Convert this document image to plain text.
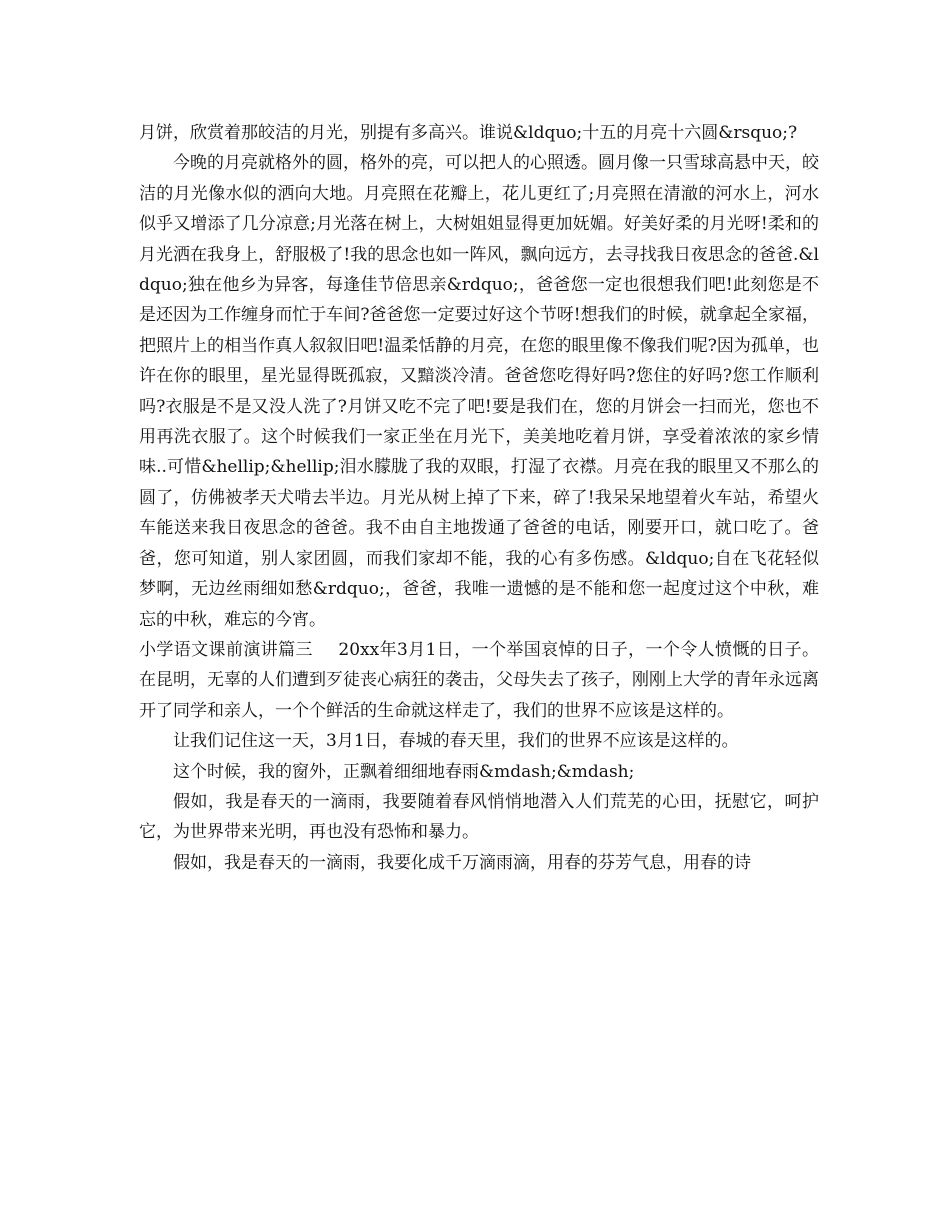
月饼，欣赏着那皎洁的月光，别提有多高兴。谁说&ldquo;十五的月亮十六圆&rsquo;?

今晚的月亮就格外的圆，格外的亮，可以把人的心照透。圆月像一只雪球高悬中天，皎洁的月光像水似的洒向大地。月亮照在花瓣上，花儿更红了;月亮照在清澈的河水上，河水似乎又增添了几分凉意;月光落在树上，大树姐姐显得更加妩媚。好美好柔的月光呀!柔和的月光洒在我身上，舒服极了!我的思念也如一阵风，飘向远方，去寻找我日夜思念的爸爸.&ldquo;独在他乡为异客，每逢佳节倍思亲&rdquo;，爸爸您一定也很想我们吧!此刻您是不是还因为工作缠身而忙于车间?爸爸您一定要过好这个节呀!想我们的时候，就拿起全家福，把照片上的相当作真人叙叙旧吧!温柔恬静的月亮，在您的眼里像不像我们呢?因为孤单，也许在你的眼里，星光显得既孤寂，又黯淡冷清。爸爸您吃得好吗?您住的好吗?您工作顺利吗?衣服是不是又没人洗了?月饼又吃不完了吧!要是我们在，您的月饼会一扫而光，您也不用再洗衣服了。这个时候我们一家正坐在月光下，美美地吃着月饼，享受着浓浓的家乡情味..可惜&hellip;&hellip;泪水朦胧了我的双眼，打湿了衣襟。月亮在我的眼里又不那么的圆了，仿佛被孝天犬啃去半边。月光从树上掉了下来，碎了!我呆呆地望着火车站，希望火车能送来我日夜思念的爸爸。我不由自主地拨通了爸爸的电话，刚要开口，就口吃了。爸爸，您可知道，别人家团圆，而我们家却不能，我的心有多伤感。&ldquo;自在飞花轻似梦啊，无边丝雨细如愁&rdquo;，爸爸，我唯一遗憾的是不能和您一起度过这个中秋，难忘的中秋，难忘的今宵。

小学语文课前演讲篇三 20xx年3月1日，一个举国哀悼的日子，一个令人愤慨的日子。在昆明，无辜的人们遭到歹徒丧心病狂的袭击，父母失去了孩子，刚刚上大学的青年永远离开了同学和亲人，一个个鲜活的生命就这样走了，我们的世界不应该是这样的。

让我们记住这一天，3月1日，春城的春天里，我们的世界不应该是这样的。

这个时候，我的窗外，正飘着细细地春雨&mdash;&mdash;

假如，我是春天的一滴雨，我要随着春风悄悄地潜入人们荒芜的心田，抚慰它，呵护它，为世界带来光明，再也没有恐怖和暴力。

假如，我是春天的一滴雨，我要化成千万滴雨滴，用春的芬芳气息，用春的诗
